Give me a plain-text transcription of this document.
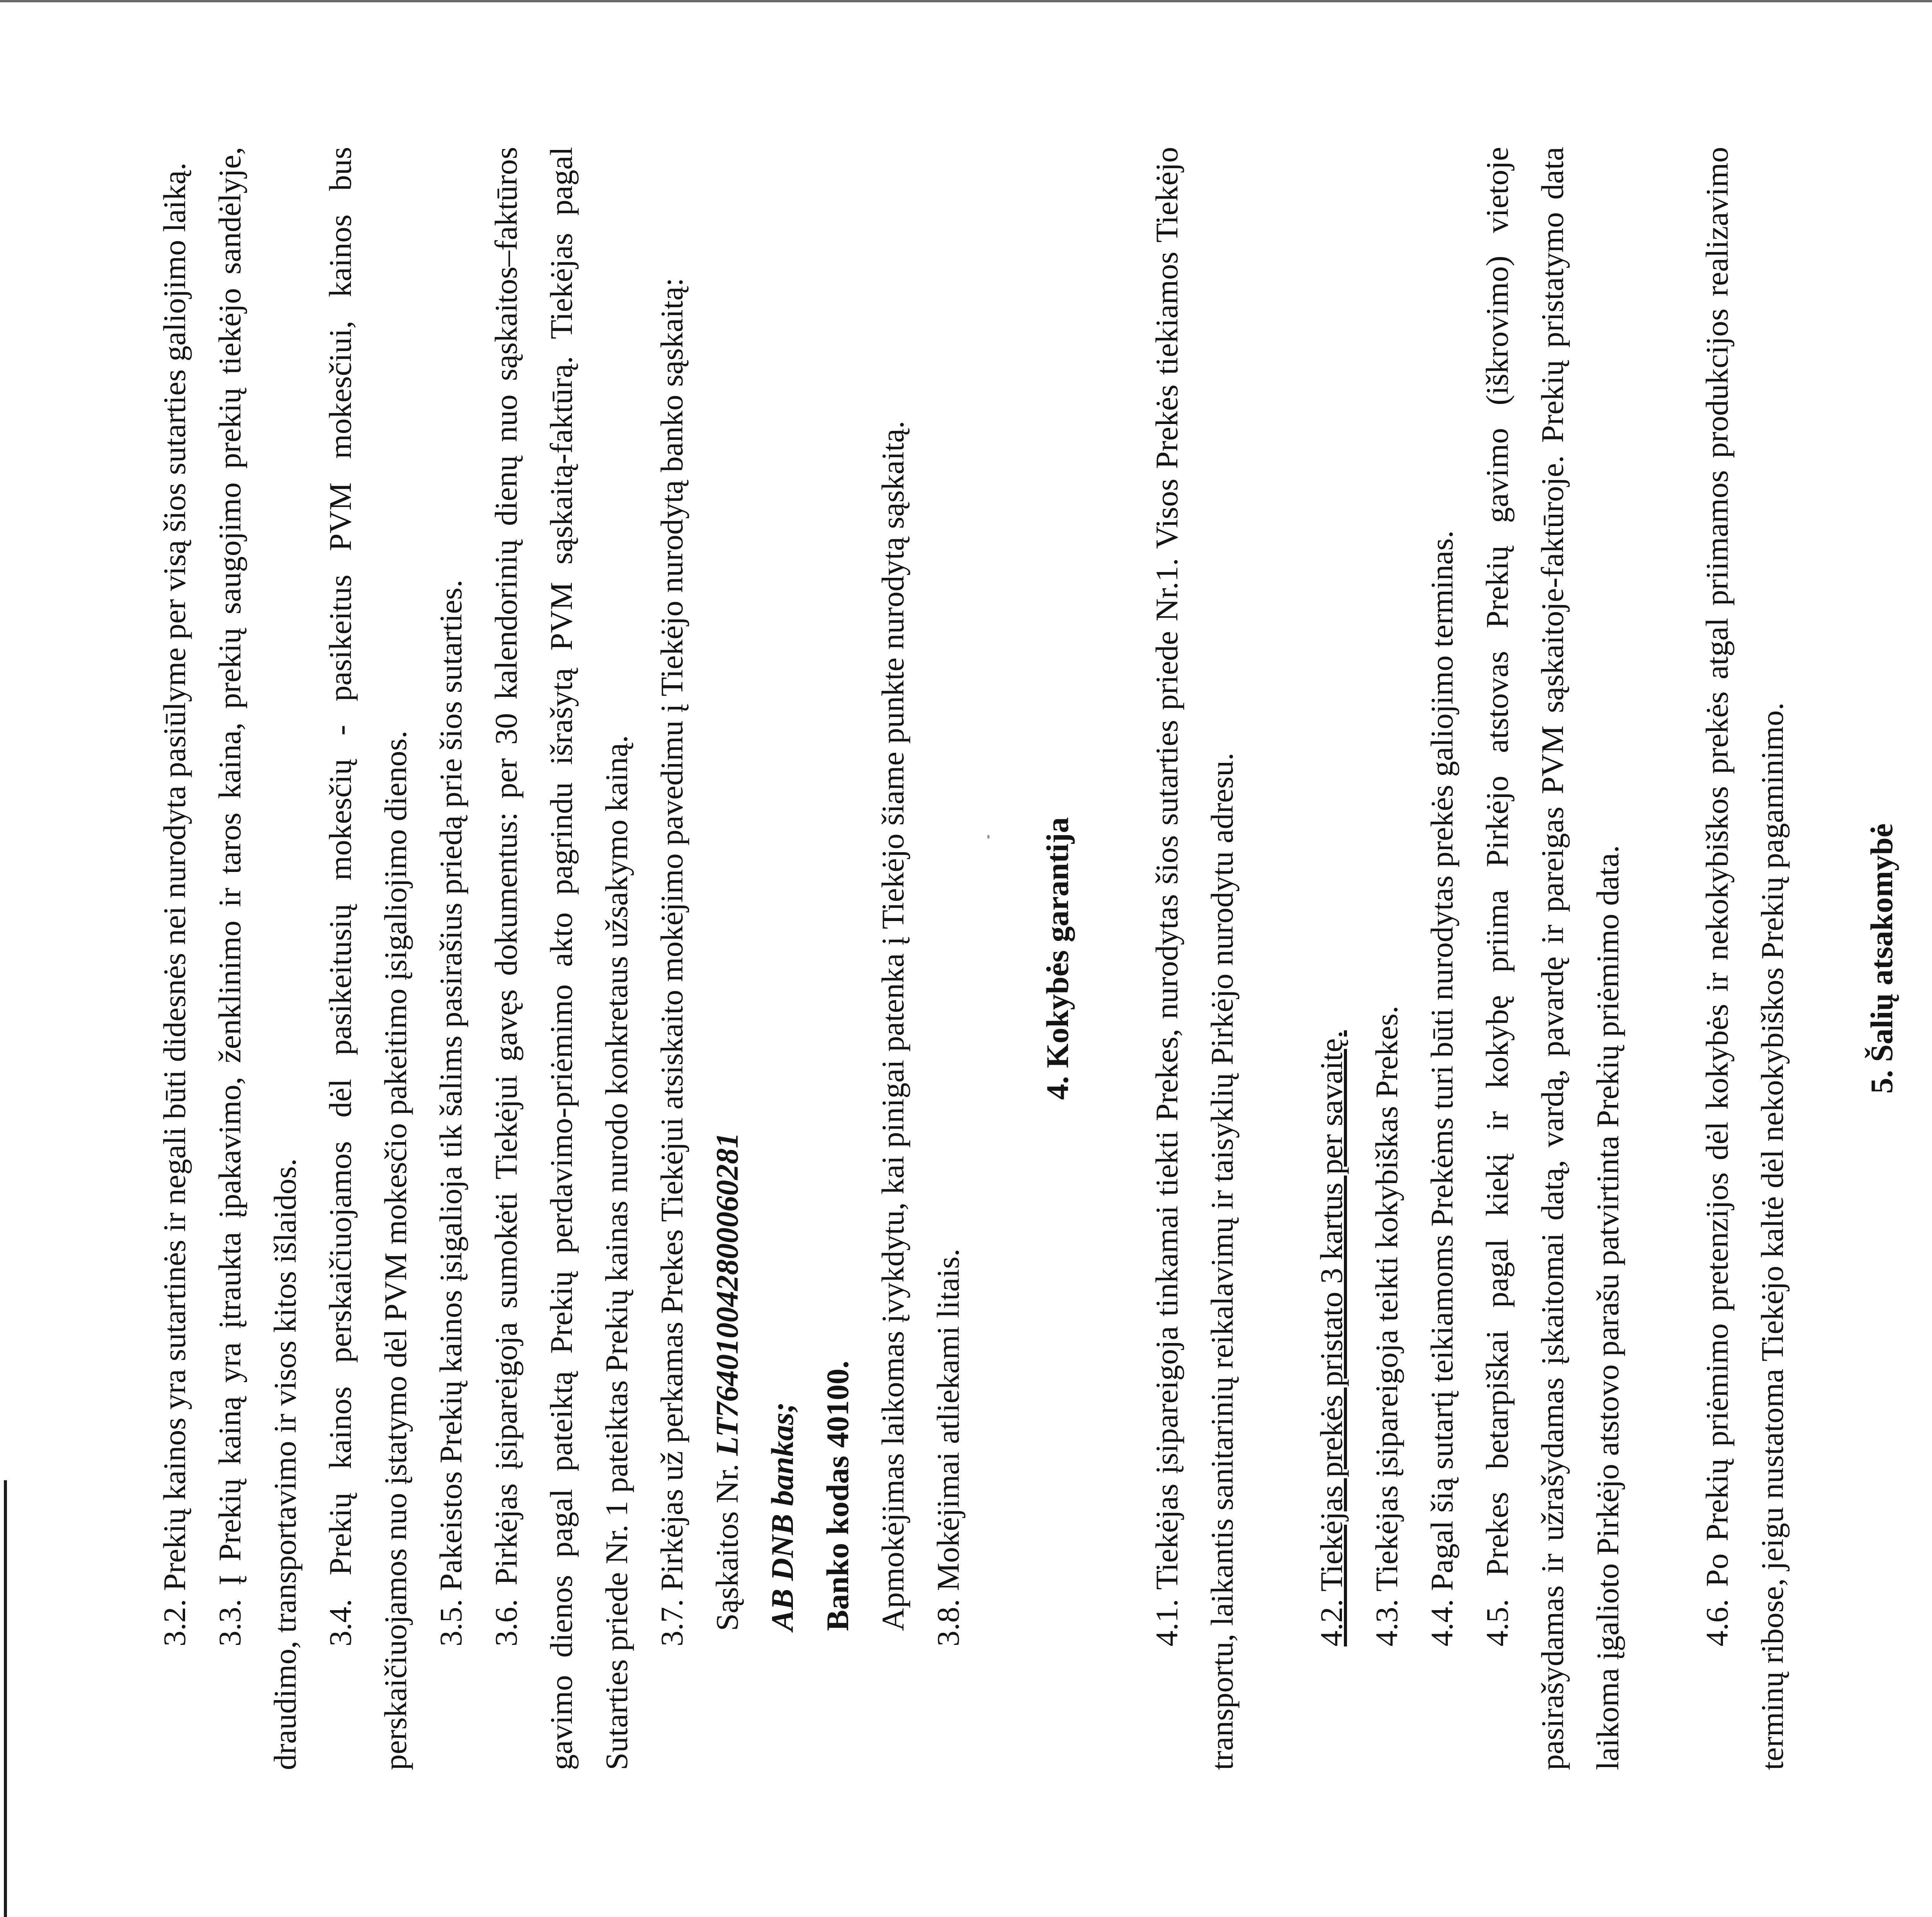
3.2. Prekių kainos yra sutartinės ir negali būti didesnės nei nurodyta pasiūlyme per visą šios sutarties galiojimo laiką. 3.3. Į Prekių kainą yra įtraukta įpakavimo, ženklinimo ir taros kaina, prekių saugojimo prekių tiekėjo sandėlyje, draudimo, transportavimo ir visos kitos išlaidos. 3.4. Prekių kainos perskaičiuojamos dėl pasikeitusių mokesčių - pasikeitus PVM mokesčiui, kainos bus perskaičiuojamos nuo įstatymo dėl PVM mokesčio pakeitimo įsigaliojimo dienos. 3.5. Pakeistos Prekių kainos įsigalioja tik šalims pasirašius priedą prie šios sutarties. 3.6. Pirkėjas įsipareigoja sumokėti Tiekėjui gavęs dokumentus: per 30 kalendorinių dienų nuo sąskaitos–faktūros gavimo dienos pagal pateiktą Prekių perdavimo-priėmimo akto pagrindu išrašytą PVM sąskaitą-faktūrą. Tiekėjas pagal Sutarties priede Nr. 1 pateiktas Prekių kainas nurodo konkretaus užsakymo kainą. 3.7. Pirkėjas už perkamas Prekes Tiekėjui atsiskaito mokėjimo pavedimu į Tiekėjo nurodytą banko sąskaitą: Sąskaitos Nr. LT764010042800060281

AB DNB bankas; Banko kodas 40100. Apmokėjimas laikomas įvykdytu, kai pinigai patenka į Tiekėjo šiame punkte nurodytą sąskaitą. 3.8. Mokėjimai atliekami litais.

4. Kokybės garantija	4.1. Tiekėjas įsipareigoja tinkamai tiekti Prekes, nurodytas šios sutarties priede Nr.1. Visos Prekės tiekiamos Tiekėjo transportu, laikantis sanitarinių reikalavimų ir taisyklių Pirkėjo nurodytu adresu.	4.2. Tiekėjas prekės pristato 3 kartus per savaitę. 4.3. Tiekėjas įsipareigoja teikti kokybiškas Prekes. 4.4. Pagal šią sutartį teikiamoms Prekėms turi būti nurodytas prekės galiojimo terminas. 4.5. Prekes betarpiškai pagal kiekį ir kokybę priima Pirkėjo atstovas Prekių gavimo (iškrovimo) vietoje pasirašydamas ir užrašydamas įskaitomai datą, vardą, pavardę ir pareigas PVM sąskaitoje-faktūroje. Prekių pristatymo data laikoma įgalioto Pirkėjo atstovo parašu patvirtinta Prekių priėmimo data.	4.6. Po Prekių priėmimo pretenzijos dėl kokybės ir nekokybiškos prekės atgal priimamos produkcijos realizavimo terminų ribose, jeigu nustatoma Tiekėjo kaltė dėl nekokybiškos Prekių pagaminimo.	5. Šalių atsakomybė
